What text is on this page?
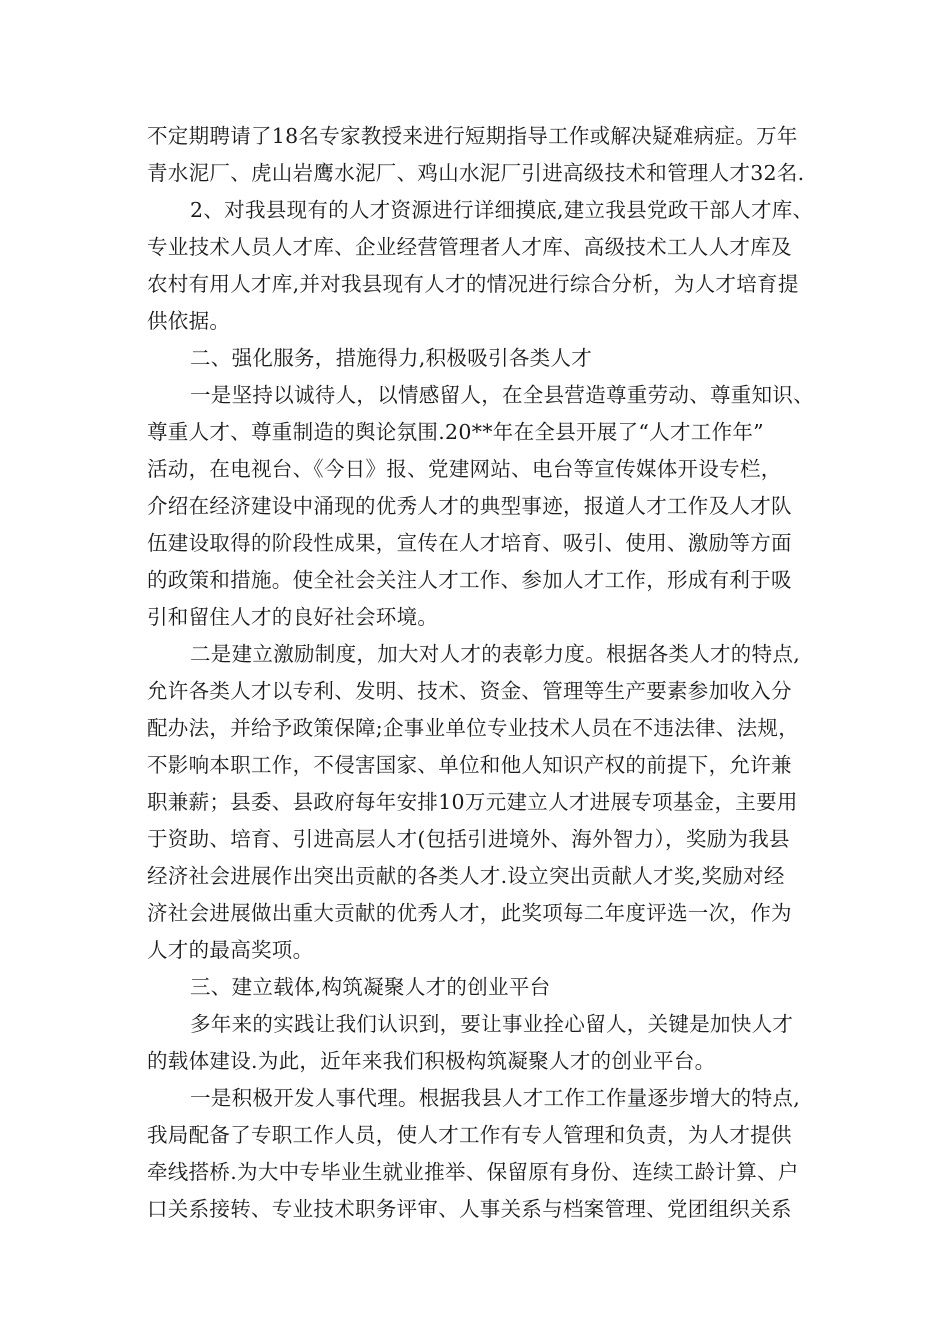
不定期聘请了18名专家教授来进行短期指导工作或解决疑难病症。万年
青水泥厂、虎山岩鹰水泥厂、鸡山水泥厂引进高级技术和管理人才32名.
2、对我县现有的人才资源进行详细摸底,建立我县党政干部人才库、
专业技术人员人才库、企业经营管理者人才库、高级技术工人人才库及
农村有用人才库,并对我县现有人才的情况进行综合分析，为人才培育提
供依据。
二、强化服务，措施得力,积极吸引各类人才
一是坚持以诚待人，以情感留人，在全县营造尊重劳动、尊重知识、
尊重人才、尊重制造的舆论氛围.20**年在全县开展了“人才工作年”
活动，在电视台、《今日》报、党建网站、电台等宣传媒体开设专栏，
介绍在经济建设中涌现的优秀人才的典型事迹，报道人才工作及人才队
伍建设取得的阶段性成果，宣传在人才培育、吸引、使用、激励等方面
的政策和措施。使全社会关注人才工作、参加人才工作，形成有利于吸
引和留住人才的良好社会环境。
二是建立激励制度，加大对人才的表彰力度。根据各类人才的特点,
允许各类人才以专利、发明、技术、资金、管理等生产要素参加收入分
配办法，并给予政策保障;企事业单位专业技术人员在不违法律、法规，
不影响本职工作，不侵害国家、单位和他人知识产权的前提下，允许兼
职兼薪；县委、县政府每年安排10万元建立人才进展专项基金，主要用
于资助、培育、引进高层人才(包括引进境外、海外智力），奖励为我县
经济社会进展作出突出贡献的各类人才.设立突出贡献人才奖,奖励对经
济社会进展做出重大贡献的优秀人才，此奖项每二年度评选一次，作为
人才的最高奖项。
三、建立载体,构筑凝聚人才的创业平台
多年来的实践让我们认识到，要让事业拴心留人，关键是加快人才
的载体建设.为此，近年来我们积极构筑凝聚人才的创业平台。
一是积极开发人事代理。根据我县人才工作工作量逐步增大的特点,
我局配备了专职工作人员，使人才工作有专人管理和负责，为人才提供
牵线搭桥.为大中专毕业生就业推举、保留原有身份、连续工龄计算、户
口关系接转、专业技术职务评审、人事关系与档案管理、党团组织关系
